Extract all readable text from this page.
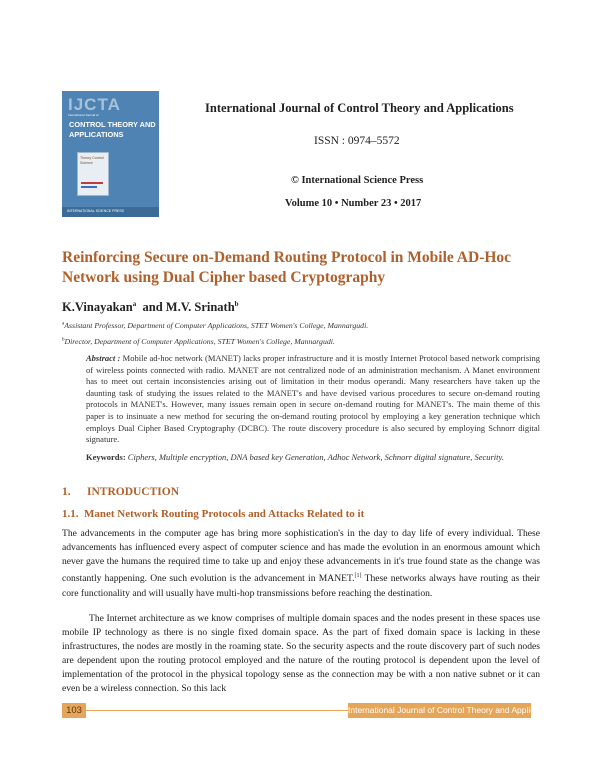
IJCTA
International Journal of
CONTROL THEORY AND APPLICATIONS
Theory Control Science
INTERNATIONAL SCIENCE PRESS
International Journal of Control Theory and Applications
ISSN : 0974–5572
© International Science Press
Volume 10 • Number 23 • 2017
Reinforcing Secure on-Demand Routing Protocol in Mobile AD-Hoc Network using Dual Cipher based Cryptography
K.Vinayakan$^a$ and M.V. Srinath$^b$
$^a$Assistant Professor, Department of Computer Applications, STET Women's College, Mannargudi.
$^b$Director, Department of Computer Applications, STET Women's College, Mannargudi.
Abstract : Mobile ad-hoc network (MANET) lacks proper infrastructure and it is mostly Internet Protocol based network comprising of wireless points connected with radio. MANET are not centralized node of an administration mechanism. A Manet environment has to meet out certain inconsistencies arising out of limitation in their modus operandi. Many researchers have taken up the daunting task of studying the issues related to the MANET's and have devised various procedures to secure on-demand routing protocols in MANET's. However, many issues remain open in secure on-demand routing for MANET's. The main theme of this paper is to insinuate a new method for securing the on-demand routing protocol by employing a key generation technique which employs Dual Cipher Based Cryptography (DCBC). The route discovery procedure is also secured by employing Schnorr digital signature.
Keywords: Ciphers, Multiple encryption, DNA based key Generation, Adhoc Network, Schnorr digital signature, Security.
1. INTRODUCTION
1.1. Manet Network Routing Protocols and Attacks Related to it
The advancements in the computer age has bring more sophistication's in the day to day life of every individual. These advancements has influenced every aspect of computer science and has made the evolution in an enormous amount which never gave the humans the required time to take up and enjoy these advancements in it's true found state as the change was constantly happening. One such evolution is the advancement in MANET.[1] These networks always have routing as their core functionality and will usually have multi-hop transmissions before reaching the destination.
The Internet architecture as we know comprises of multiple domain spaces and the nodes present in these spaces use mobile IP technology as there is no single fixed domain space. As the part of fixed domain space is lacking in these infrastructures, the nodes are mostly in the roaming state. So the security aspects and the route discovery part of such nodes are dependent upon the routing protocol employed and the nature of the routing protocol is dependent upon the level of implementation of the protocol in the physical topology sense as the connection may be with a non native subnet or it can even be a wireless connection. So this lack
103	International Journal of Control Theory and Applications
